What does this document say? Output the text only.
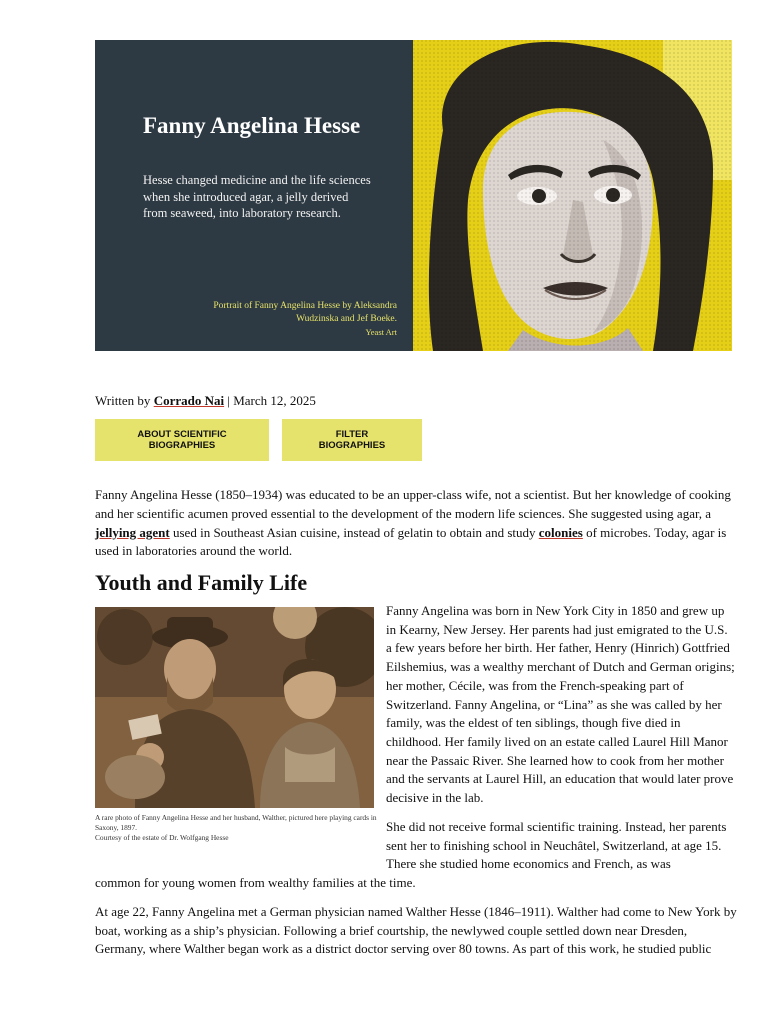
Fanny Angelina Hesse

Hesse changed medicine and the life sciences when she introduced agar, a jelly derived from seaweed, into laboratory research.

Portrait of Fanny Angelina Hesse by Aleksandra Wudzinska and Jef Boeke.
Yeast Art
Written by Corrado Nai | March 12, 2025
ABOUT SCIENTIFIC BIOGRAPHIES
FILTER BIOGRAPHIES

Fanny Angelina Hesse (1850–1934) was educated to be an upper-class wife, not a scientist. But her knowledge of cooking and her scientific acumen proved essential to the development of the modern life sciences. She suggested using agar, a jellying agent used in Southeast Asian cuisine, instead of gelatin to obtain and study colonies of microbes. Today, agar is used in laboratories around the world.

Youth and Family Life
A rare photo of Fanny Angelina Hesse and her husband, Walther, pictured here playing cards in Saxony, 1897.
Courtesy of the estate of Dr. Wolfgang Hesse

Fanny Angelina was born in New York City in 1850 and grew up in Kearny, New Jersey. Her parents had just emigrated to the U.S. a few years before her birth. Her father, Henry (Hinrich) Gottfried Eilshemius, was a wealthy merchant of Dutch and German origins; her mother, Cécile, was from the French-speaking part of Switzerland. Fanny Angelina, or “Lina” as she was called by her family, was the eldest of ten siblings, though five died in childhood. Her family lived on an estate called Laurel Hill Manor near the Passaic River. She learned how to cook from her mother and the servants at Laurel Hill, an education that would later prove decisive in the lab.

She did not receive formal scientific training. Instead, her parents sent her to finishing school in Neuchâtel, Switzerland, at age 15. There she studied home economics and French, as was

common for young women from wealthy families at the time.

At age 22, Fanny Angelina met a German physician named Walther Hesse (1846–1911). Walther had come to New York by boat, working as a ship’s physician. Following a brief courtship, the newlywed couple settled down near Dresden, Germany, where Walther began work as a district doctor serving over 80 towns. As part of this work, he studied public
